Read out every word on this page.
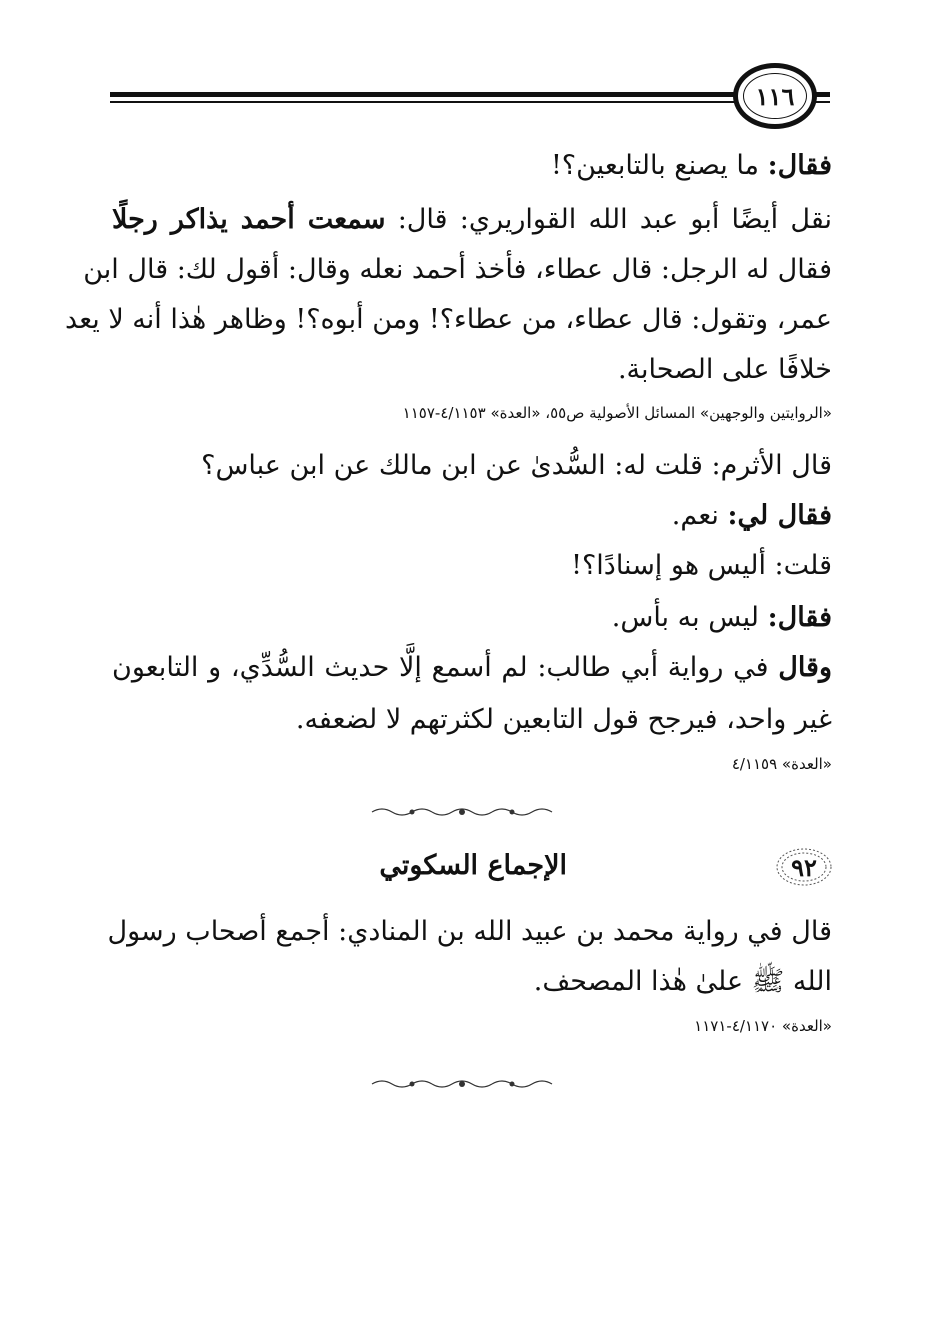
١١٦
فقال: ما يصنع بالتابعين؟!
نقل أيضًا أبو عبد الله القواريري: قال: سمعت أحمد يذاكر رجلًا
فقال له الرجل: قال عطاء، فأخذ أحمد نعله وقال: أقول لك: قال ابن
عمر، وتقول: قال عطاء، من عطاء؟! ومن أبوه؟! وظاهر هٰذا أنه لا يعد
خلافًا على الصحابة.
«الروايتين والوجهين» المسائل الأصولية ص٥٥، «العدة» ٤/١١٥٣-١١٥٧
قال الأثرم: قلت له: السُّدىٰ عن ابن مالك عن ابن عباس؟
فقال لي: نعم.
قلت: أليس هو إسنادًا؟!
فقال: ليس به بأس.
وقال في رواية أبي طالب: لم أسمع إلَّا حديث السُّدِّي، و التابعون
غير واحد، فيرجح قول التابعين لكثرتهم لا لضعفه.
«العدة» ٤/١١٥٩
٩٢
الإجماع السكوتي
قال في رواية محمد بن عبيد الله بن المنادي: أجمع أصحاب رسول
الله ﷺ علىٰ هٰذا المصحف.
«العدة» ٤/١١٧٠-١١٧١
